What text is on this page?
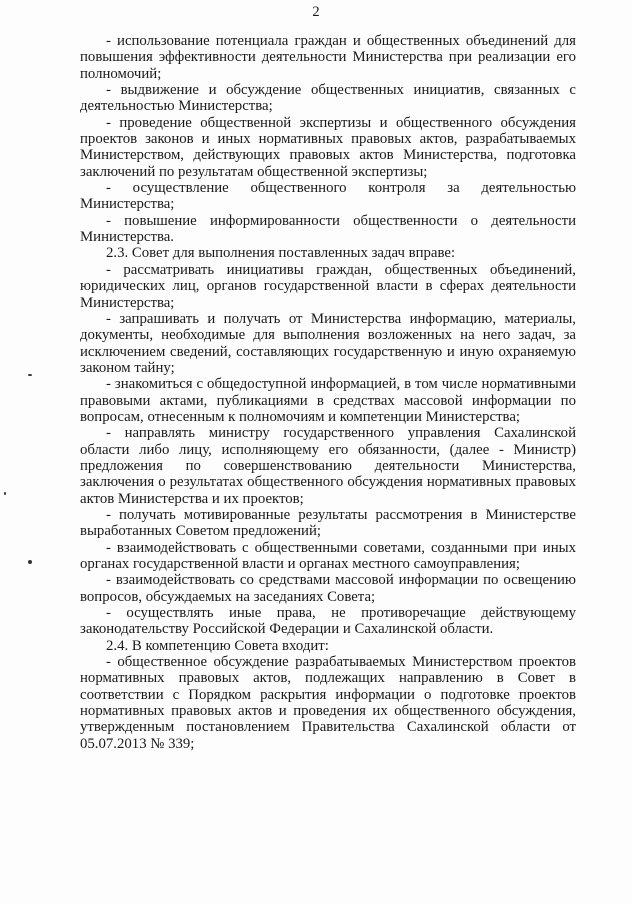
2

- использование потенциала граждан и общественных объединений для повышения эффективности деятельности Министерства при реализации его полномочий;

- выдвижение и обсуждение общественных инициатив, связанных с деятельностью Министерства;

- проведение общественной экспертизы и общественного обсуждения проектов законов и иных нормативных правовых актов, разрабатываемых Министерством, действующих правовых актов Министерства, подготовка заключений по результатам общественной экспертизы;

- осуществление общественного контроля за деятельностью Министерства;

- повышение информированности общественности о деятельности Министерства.

2.3. Совет для выполнения поставленных задач вправе:

- рассматривать инициативы граждан, общественных объединений, юридических лиц, органов государственной власти в сферах деятельности Министерства;

- запрашивать и получать от Министерства информацию, материалы, документы, необходимые для выполнения возложенных на него задач, за исключением сведений, составляющих государственную и иную охраняемую законом тайну;

- знакомиться с общедоступной информацией, в том числе нормативными правовыми актами, публикациями в средствах массовой информации по вопросам, отнесенным к полномочиям и компетенции Министерства;

- направлять министру государственного управления Сахалинской области либо лицу, исполняющему его обязанности, (далее - Министр) предложения по совершенствованию деятельности Министерства, заключения о результатах общественного обсуждения нормативных правовых актов Министерства и их проектов;

- получать мотивированные результаты рассмотрения в Министерстве выработанных Советом предложений;

- взаимодействовать с общественными советами, созданными при иных органах государственной власти и органах местного самоуправления;

- взаимодействовать со средствами массовой информации по освещению вопросов, обсуждаемых на заседаниях Совета;

- осуществлять иные права, не противоречащие действующему законодательству Российской Федерации и Сахалинской области.

2.4. В компетенцию Совета входит:

- общественное обсуждение разрабатываемых Министерством проектов нормативных правовых актов, подлежащих направлению в Совет в соответствии с Порядком раскрытия информации о подготовке проектов нормативных правовых актов и проведения их общественного обсуждения, утвержденным постановлением Правительства Сахалинской области от 05.07.2013 № 339;
